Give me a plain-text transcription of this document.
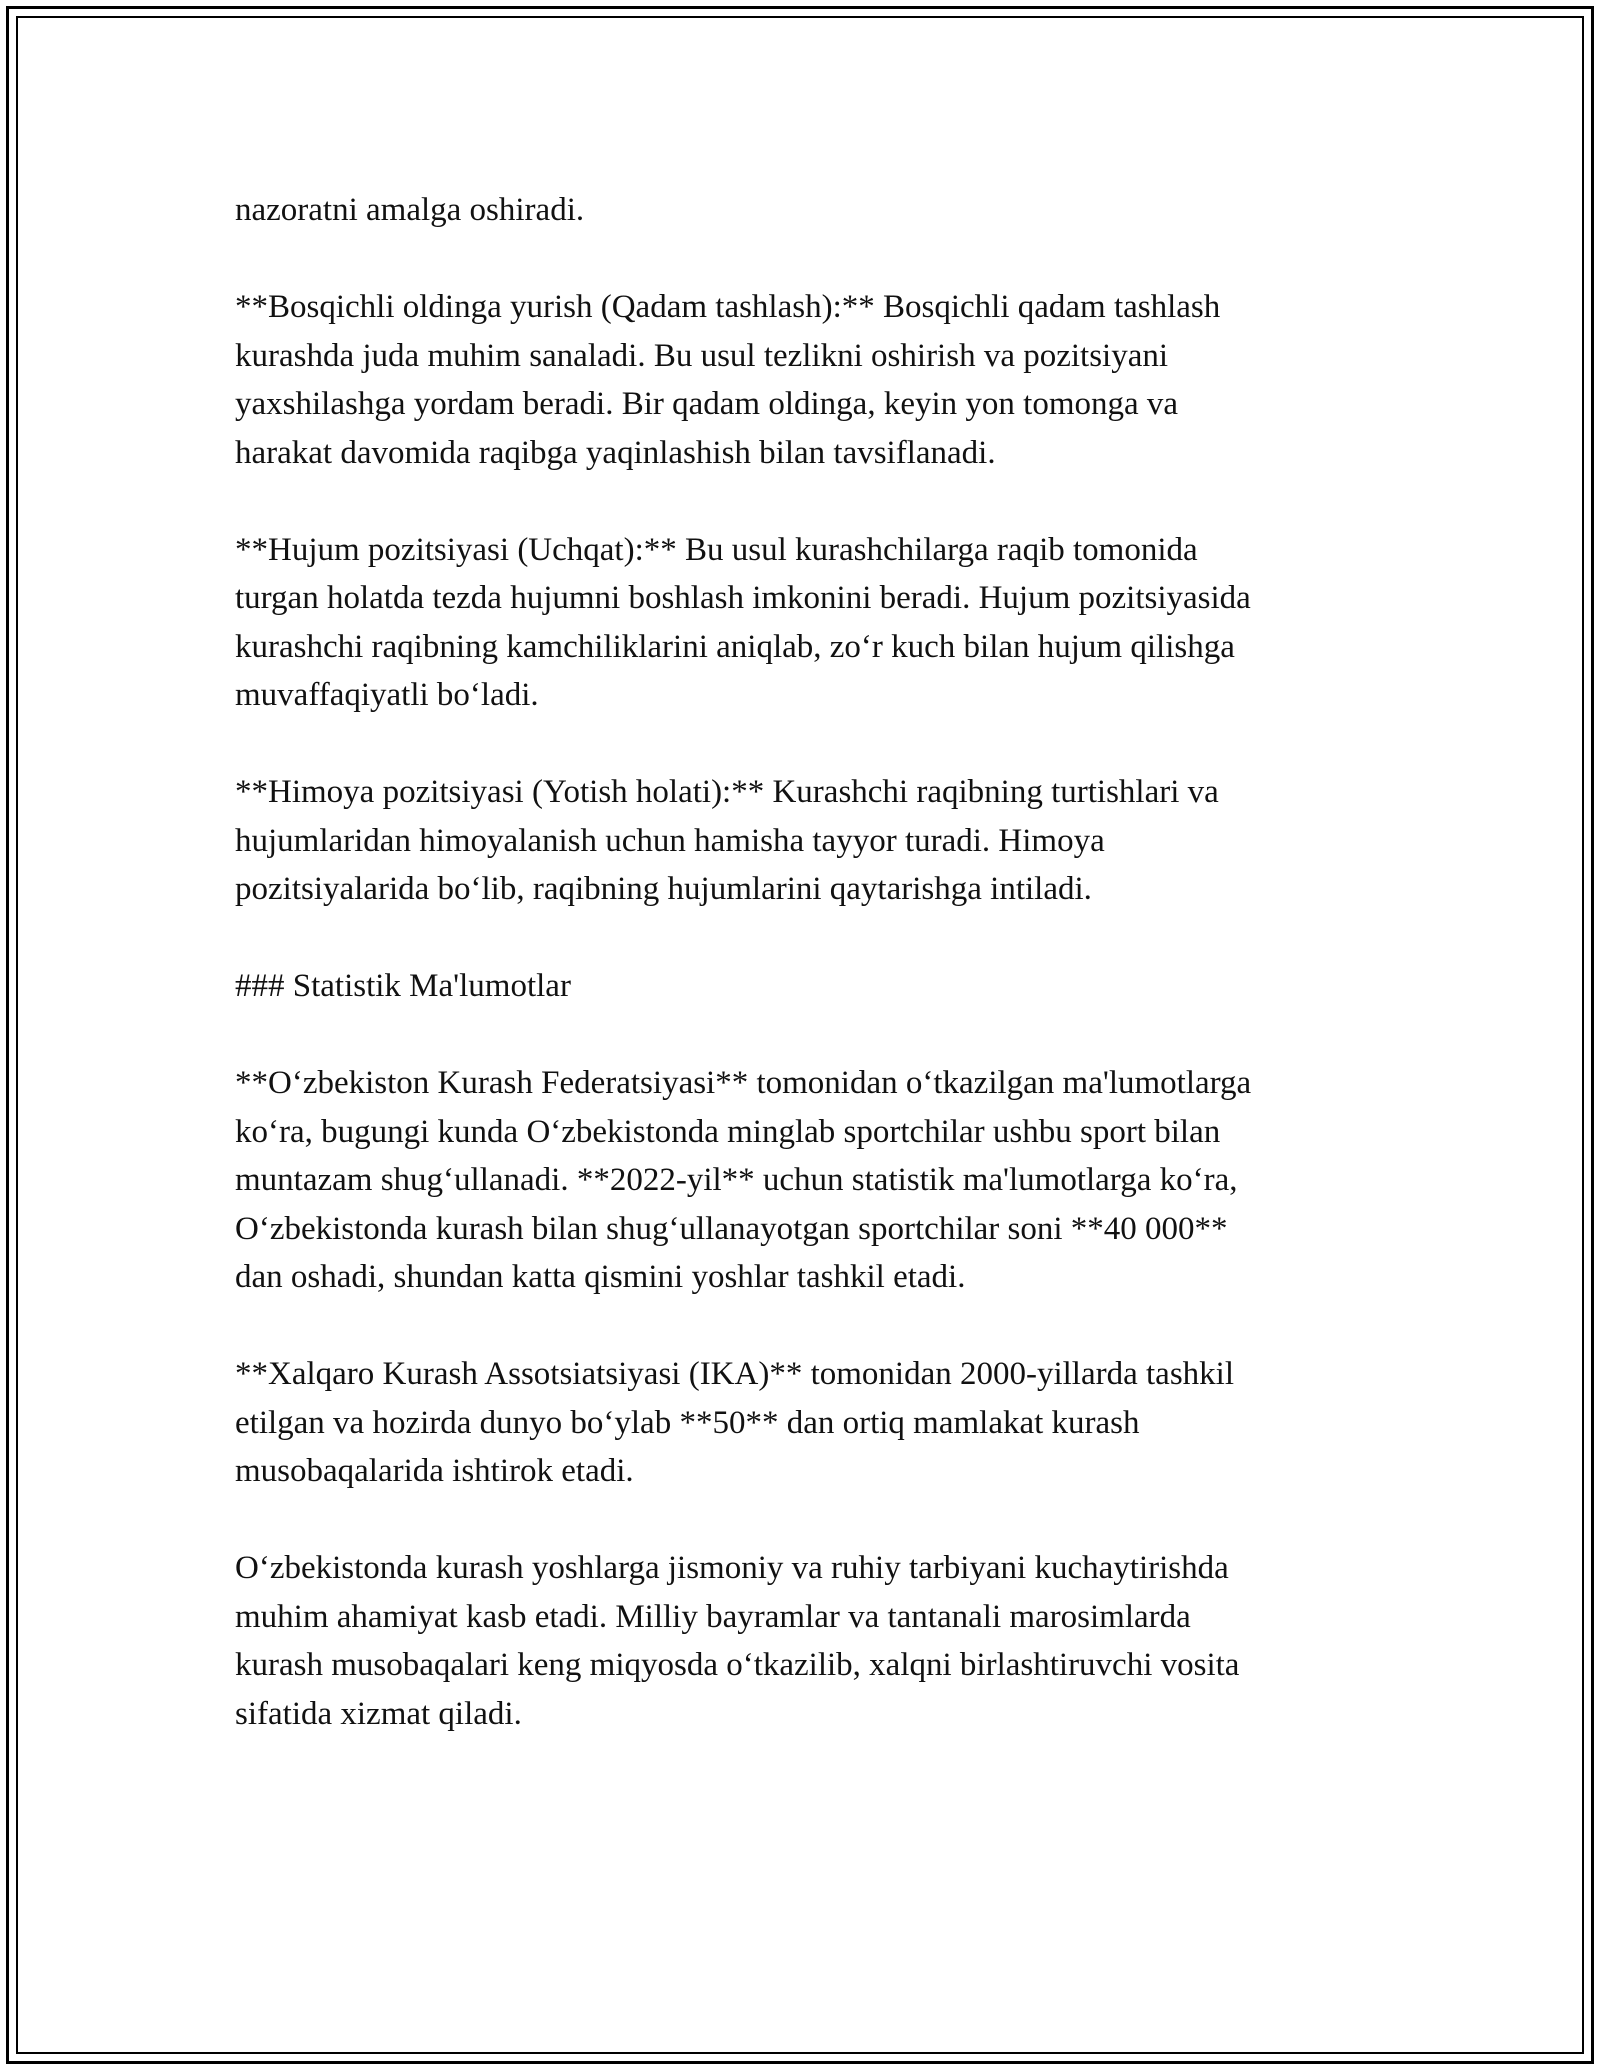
nazoratni amalga oshiradi.

**Bosqichli oldinga yurish (Qadam tashlash):** Bosqichli qadam tashlash
kurashda juda muhim sanaladi. Bu usul tezlikni oshirish va pozitsiyani
yaxshilashga yordam beradi. Bir qadam oldinga, keyin yon tomonga va
harakat davomida raqibga yaqinlashish bilan tavsiflanadi.

**Hujum pozitsiyasi (Uchqat):** Bu usul kurashchilarga raqib tomonida
turgan holatda tezda hujumni boshlash imkonini beradi. Hujum pozitsiyasida
kurashchi raqibning kamchiliklarini aniqlab, zo‘r kuch bilan hujum qilishga
muvaffaqiyatli bo‘ladi.

**Himoya pozitsiyasi (Yotish holati):** Kurashchi raqibning turtishlari va
hujumlaridan himoyalanish uchun hamisha tayyor turadi. Himoya
pozitsiyalarida bo‘lib, raqibning hujumlarini qaytarishga intiladi.

### Statistik Ma'lumotlar

**O‘zbekiston Kurash Federatsiyasi** tomonidan o‘tkazilgan ma'lumotlarga
ko‘ra, bugungi kunda O‘zbekistonda minglab sportchilar ushbu sport bilan
muntazam shug‘ullanadi. **2022-yil** uchun statistik ma'lumotlarga ko‘ra,
O‘zbekistonda kurash bilan shug‘ullanayotgan sportchilar soni **40 000**
dan oshadi, shundan katta qismini yoshlar tashkil etadi.

**Xalqaro Kurash Assotsiatsiyasi (IKA)** tomonidan 2000-yillarda tashkil
etilgan va hozirda dunyo bo‘ylab **50** dan ortiq mamlakat kurash
musobaqalarida ishtirok etadi.

O‘zbekistonda kurash yoshlarga jismoniy va ruhiy tarbiyani kuchaytirishda
muhim ahamiyat kasb etadi. Milliy bayramlar va tantanali marosimlarda
kurash musobaqalari keng miqyosda o‘tkazilib, xalqni birlashtiruvchi vosita
sifatida xizmat qiladi.
